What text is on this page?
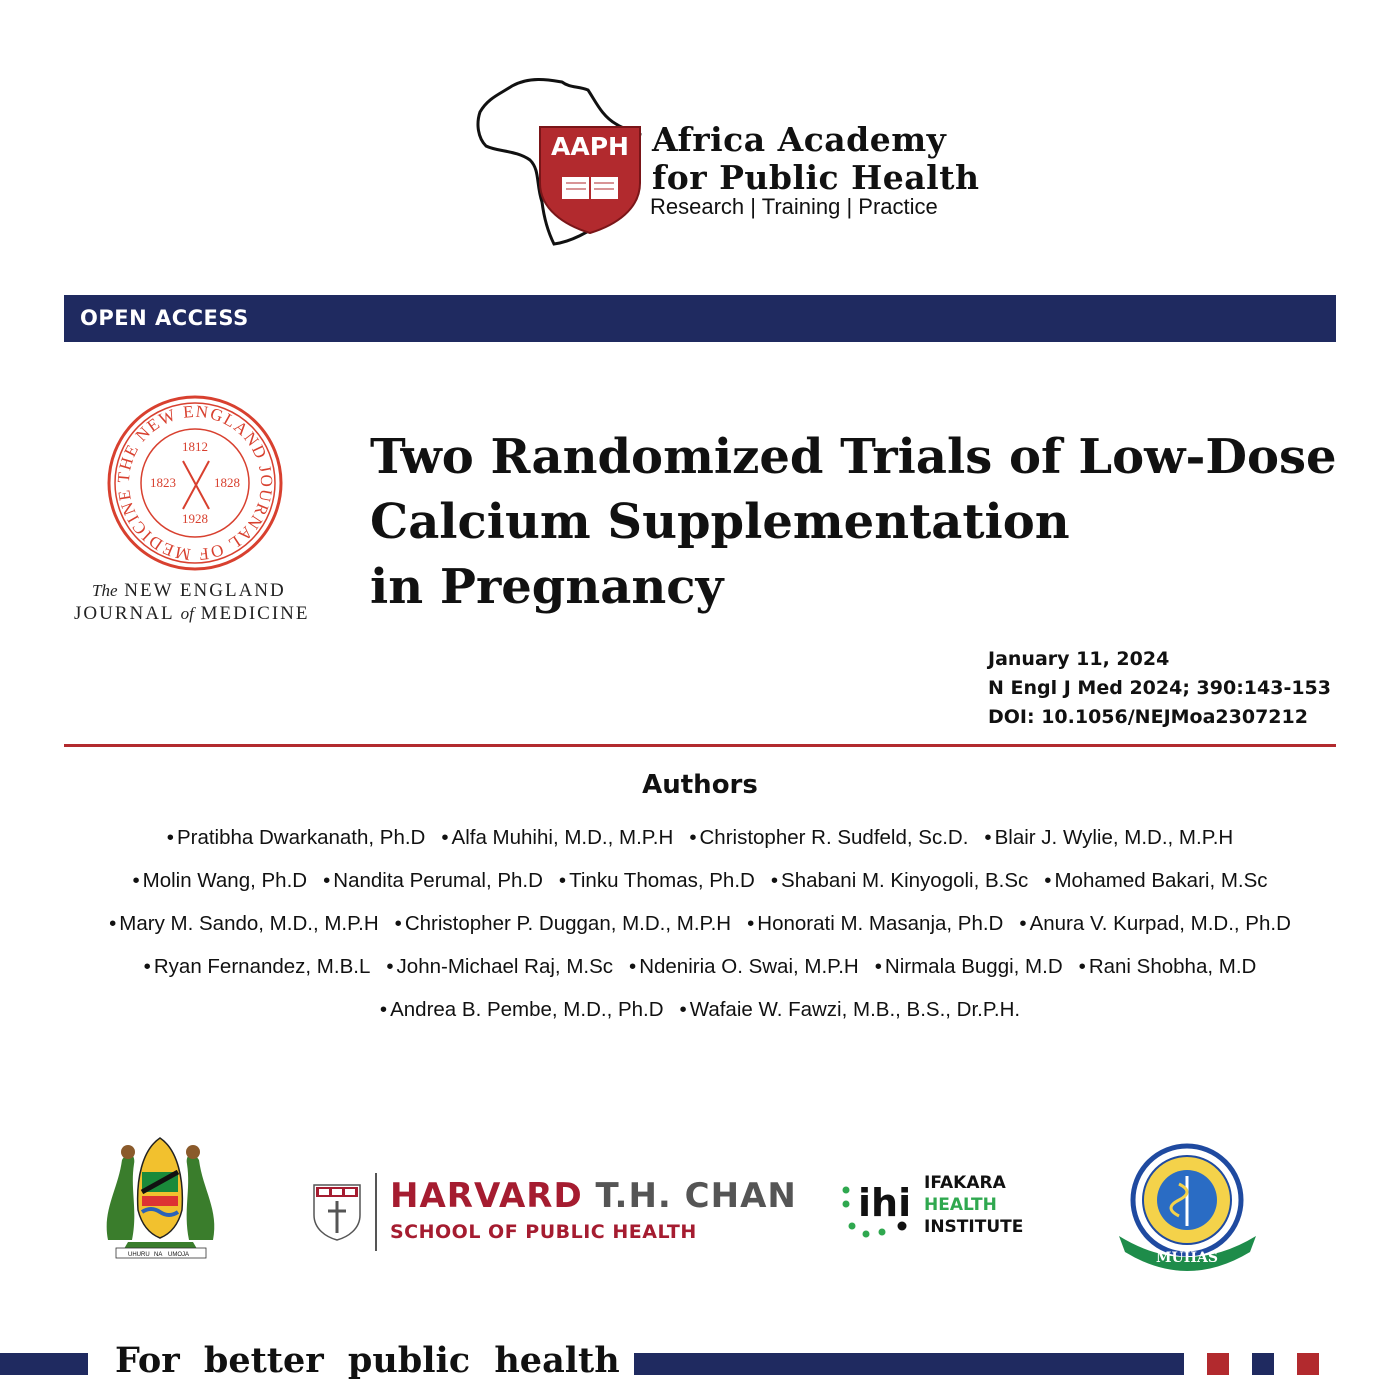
AAPH Africa Academy
for Public Health
Research | Training | Practice
OPEN ACCESS
THE NEW ENGLAND JOURNAL OF MEDICINE
1812
1823	1828
1928
The NEW ENGLAND
JOURNAL of MEDICINE
Two Randomized Trials of Low-Dose
Calcium Supplementation
in Pregnancy
January 11, 2024
N Engl J Med 2024; 390:143-153
DOI: 10.1056/NEJMoa2307212
Authors
• Pratibha Dwarkanath, Ph.D	• Alfa Muhihi, M.D., M.P.H	• Christopher R. Sudfeld, Sc.D.	• Blair J. Wylie, M.D., M.P.H
• Molin Wang, Ph.D	• Nandita Perumal, Ph.D	• Tinku Thomas, Ph.D	• Shabani M. Kinyogoli, B.Sc	• Mohamed Bakari, M.Sc
• Mary M. Sando, M.D., M.P.H	• Christopher P. Duggan, M.D., M.P.H	• Honorati M. Masanja, Ph.D	• Anura V. Kurpad, M.D., Ph.D
• Ryan Fernandez, M.B.L	• John-Michael Raj, M.Sc	• Ndeniria O. Swai, M.P.H	• Nirmala Buggi, M.D	• Rani Shobha, M.D
• Andrea B. Pembe, M.D., Ph.D	• Wafaie W. Fawzi, M.B., B.S., Dr.P.H.
UHURU NA UMOJA
HARVARD T.H. CHAN
SCHOOL OF PUBLIC HEALTH
ihi IFAKARA
HEALTH
INSTITUTE
MUHAS
For better public health
